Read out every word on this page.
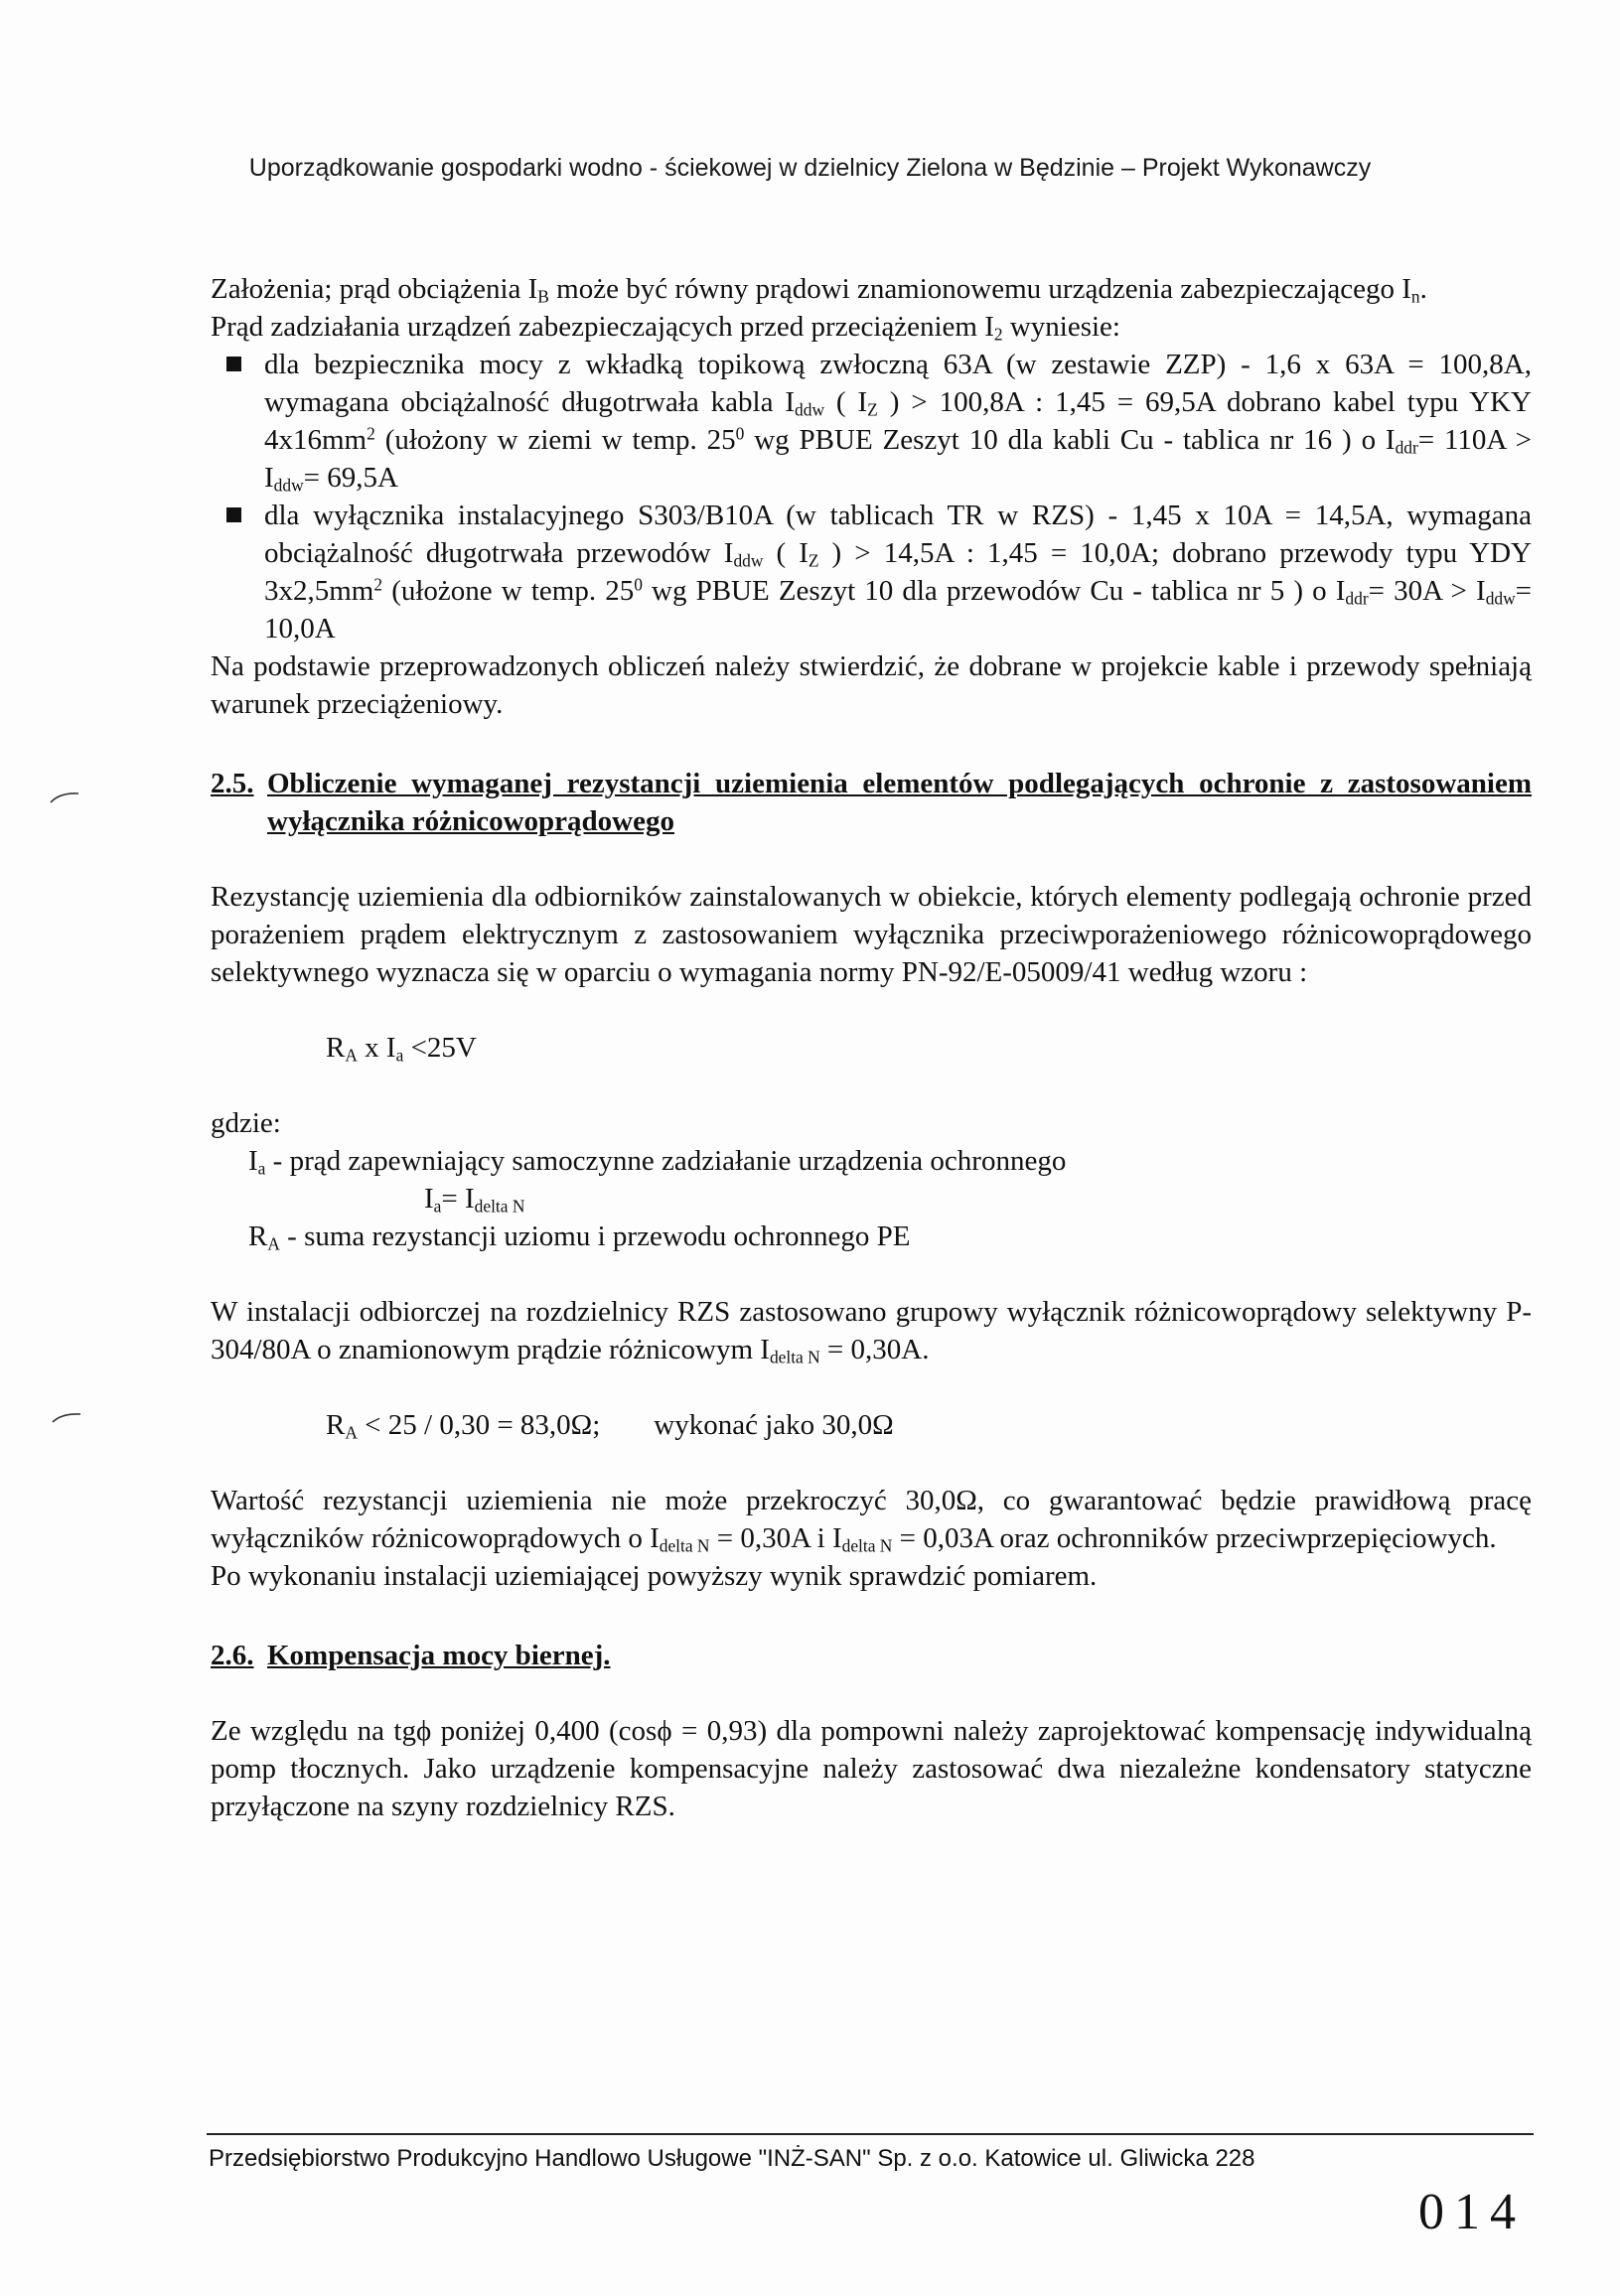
Uporządkowanie gospodarki wodno - ściekowej w dzielnicy Zielona w Będzinie – Projekt Wykonawczy

Założenia; prąd obciążenia $I_B$ może być równy prądowi znamionowemu urządzenia zabezpieczającego $I_n$.

Prąd zadziałania urządzeń zabezpieczających przed przeciążeniem $I_2$ wyniesie:

dla bezpiecznika mocy z wkładką topikową zwłoczną 63A (w zestawie ZZP) - 1,6 x 63A = 100,8A, wymagana obciążalność długotrwała kabla $I_{ddw}$ ( $I_Z$ ) > 100,8A : 1,45 = 69,5A dobrano kabel typu YKY $4x16mm^2$ (ułożony w ziemi w temp. $25^0$ wg PBUE Zeszyt 10 dla kabli Cu - tablica nr 16 ) o $I_{ddr}= 110A > I_{ddw}= 69,5A$
dla wyłącznika instalacyjnego S303/B10A (w tablicach TR w RZS) - 1,45 x 10A = 14,5A, wymagana obciążalność długotrwała przewodów $I_{ddw}$ ( $I_Z$ ) > 14,5A : 1,45 = 10,0A; dobrano przewody typu YDY $3x2,5mm^2$ (ułożone w temp. $25^0$ wg PBUE Zeszyt 10 dla przewodów Cu - tablica nr 5 ) o $I_{ddr}= 30A > I_{ddw}= 10,0A$

Na podstawie przeprowadzonych obliczeń należy stwierdzić, że dobrane w projekcie kable i przewody spełniają warunek przeciążeniowy.

2.5. Obliczenie wymaganej rezystancji uziemienia elementów podlegających ochronie z zastosowaniem wyłącznika różnicowoprądowego

Rezystancję uziemienia dla odbiorników zainstalowanych w obiekcie, których elementy podlegają ochronie przed porażeniem prądem elektrycznym z zastosowaniem wyłącznika przeciwporażeniowego różnicowoprądowego selektywnego wyznacza się w oparciu o wymagania normy PN-92/E-05009/41 według wzoru :

$R_A$ x $I_a <25V$

gdzie:

$I_a$ - prąd zapewniający samoczynne zadziałanie urządzenia ochronnego

$I_a= I_{delta N}$

$R_A$ - suma rezystancji uziomu i przewodu ochronnego PE

W instalacji odbiorczej na rozdzielnicy RZS zastosowano grupowy wyłącznik różnicowoprądowy selektywny P-304/80A o znamionowym prądzie różnicowym $I_{delta N} = 0,30A$.

$R_A < 25 / 0,30 = 83,0\Omega$; wykonać jako 30,0Ω

Wartość rezystancji uziemienia nie może przekroczyć 30,0Ω, co gwarantować będzie prawidłową pracę wyłączników różnicowoprądowych o $I_{delta N} = 0,30A$ i $I_{delta N} = 0,03A$ oraz ochronników przeciwprzepięciowych.

Po wykonaniu instalacji uziemiającej powyższy wynik sprawdzić pomiarem.

2.6. Kompensacja mocy biernej.

Ze względu na tgϕ poniżej 0,400 (cosϕ = 0,93) dla pompowni należy zaprojektować kompensację indywidualną pomp tłocznych. Jako urządzenie kompensacyjne należy zastosować dwa niezależne kondensatory statyczne przyłączone na szyny rozdzielnicy RZS.

Przedsiębiorstwo Produkcyjno Handlowo Usługowe "INŻ-SAN" Sp. z o.o. Katowice ul. Gliwicka 228
014
